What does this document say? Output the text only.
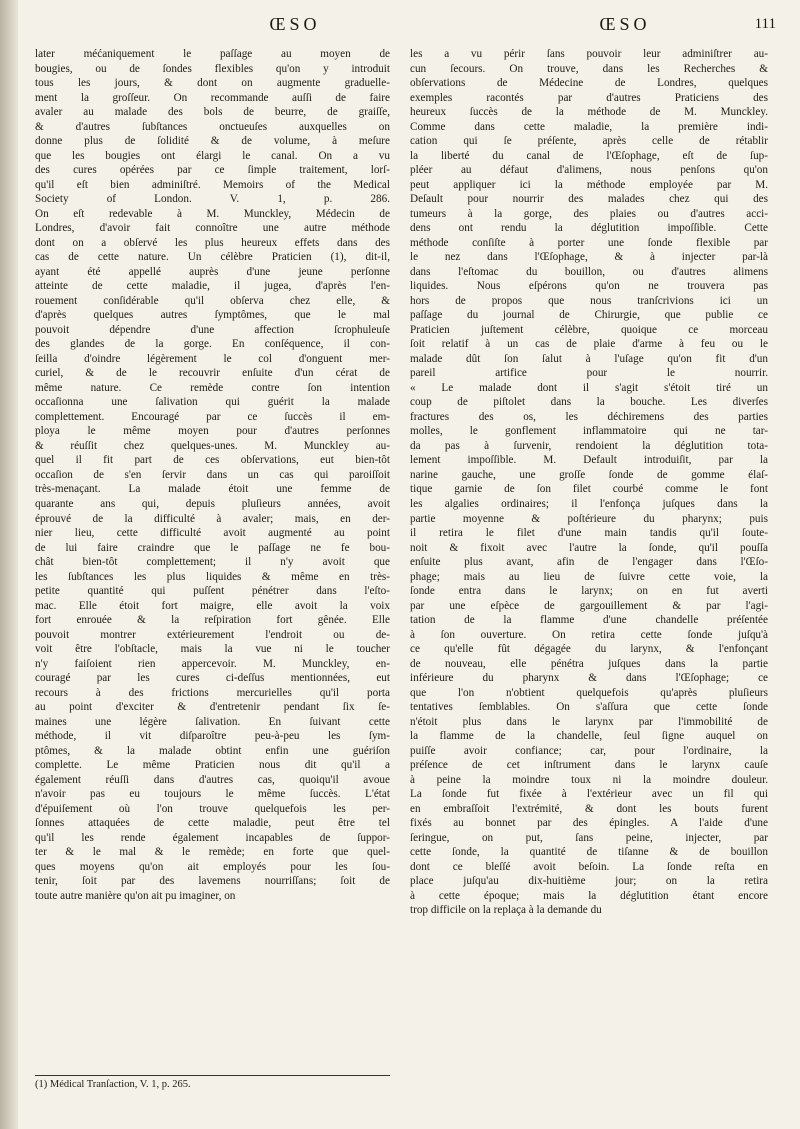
ŒSO	ŒSO	111
later méćaniquement le paſſage au moyen de
bougies, ou de ſondes flexibles qu'on y introduit
tous les jours, & dont on augmente graduelle-
ment la groſſeur. On recommande auſſi de faire
avaler au malade des bols de beurre, de graiſſe,
& d'autres ſubſtances onctueuſes auxquelles on
donne plus de ſolidité & de volume, à meſure
que les bougies ont élargi le canal. On a vu
des cures opérées par ce ſimple traitement, lorſ-
qu'il eſt bien adminiſtré. Memoirs of the Medical
Society of London. V. 1, p. 286.
On eſt redevable à M. Munckley, Médecin de
Londres, d'avoir fait connoître une autre méthode
dont on a obſervé les plus heureux effets dans des
cas de cette nature. Un célèbre Praticien (1), dit-il,
ayant été appellé auprès d'une jeune perſonne
atteinte de cette maladie, il jugea, d'après l'en-
rouement conſidérable qu'il obſerva chez elle, &
d'après quelques autres ſymptômes, que le mal
pouvoit dépendre d'une affection ſcrophuleuſe
des glandes de la gorge. En conſéquence, il con-
ſeilla d'oindre légèrement le col d'onguent mer-
curiel, & de le recouvrir enſuite d'un cérat de
même nature. Ce remède contre ſon intention
occaſionna une ſalivation qui guérit la malade
complettement. Encouragé par ce ſuccès il em-
ploya le même moyen pour d'autres perſonnes
& réuſſit chez quelques-unes. M. Munckley au-
quel il fit part de ces obſervations, eut bien-tôt
occaſion de s'en ſervir dans un cas qui paroiſſoit
très-menaçant. La malade étoit une femme de
quarante ans qui, depuis pluſieurs années, avoit
éprouvé de la difficulté à avaler; mais, en der-
nier lieu, cette difficulté avoit augmenté au point
de lui faire craindre que le paſſage ne fe bou-
chât bien-tôt complettement; il n'y avoit que
les ſubſtances les plus liquides & même en très-
petite quantité qui puſſent pénétrer dans l'eſto-
mac. Elle étoit fort maigre, elle avoit la voix
fort enrouée & la reſpiration fort gênée. Elle
pouvoit montrer extérieurement l'endroit ou de-
voit être l'obſtacle, mais la vue ni le toucher
n'y faiſoient rien appercevoir. M. Munckley, en-
couragé par les cures ci-deſſus mentionnées, eut
recours à des frictions mercurielles qu'il porta
au point d'exciter & d'entretenir pendant ſix ſe-
maines une légère ſalivation. En ſuivant cette
méthode, il vit diſparoître peu-à-peu les ſym-
ptômes, & la malade obtint enfin une guériſon
complette. Le même Praticien nous dit qu'il a
également réuſſi dans d'autres cas, quoiqu'il avoue
n'avoir pas eu toujours le même ſuccès. L'état
d'épuiſement où l'on trouve quelquefois les per-
ſonnes attaquées de cette maladie, peut être tel
qu'il les rende également incapables de ſuppor-
ter & le mal & le remède; en forte que quel-
ques moyens qu'on ait employés pour les ſou-
tenir, ſoit par des lavemens nourriſſans; ſoit de
toute autre manière qu'on ait pu imaginer, on
les a vu périr ſans pouvoir leur adminiſtrer au-
cun ſecours. On trouve, dans les Recherches &
obſervations de Médecine de Londres, quelques
exemples racontés par d'autres Praticiens des
heureux ſuccès de la méthode de M. Munckley.
Comme dans cette maladie, la première indi-
cation qui ſe préſente, après celle de rétablir
la liberté du canal de l'Œſophage, eſt de ſup-
pléer au défaut d'alimens, nous penſons qu'on
peut appliquer ici la méthode employée par M.
Deſault pour nourrir des malades chez qui des
tumeurs à la gorge, des plaies ou d'autres acci-
dens ont rendu la déglutition impoſſible. Cette
méthode conſiſte à porter une ſonde flexible par
le nez dans l'Œſophage, & à injecter par-là
dans l'eſtomac du bouillon, ou d'autres alimens
liquides. Nous eſpérons qu'on ne trouvera pas
hors de propos que nous tranſcrivions ici un
paſſage du journal de Chirurgie, que publie ce
Praticien juſtement célèbre, quoique ce morceau
ſoit relatif à un cas de plaie d'arme à feu ou le
malade dût ſon ſalut à l'uſage qu'on fit d'un
pareil artifice pour le nourrir.
« Le malade dont il s'agit s'étoit tiré un
coup de piſtolet dans la bouche. Les diverſes
fractures des os, les déchiremens des parties
molles, le gonflement inflammatoire qui ne tar-
da pas à ſurvenir, rendoient la déglutition tota-
lement impoſſible. M. Default introduiſit, par la
narine gauche, une groſſe ſonde de gomme élaſ-
tique garnie de ſon filet courbé comme le font
les algalies ordinaires; il l'enfonça juſques dans la
partie moyenne & poſtérieure du pharynx; puis
il retira le filet d'une main tandis qu'il ſoute-
noit & fixoit avec l'autre la ſonde, qu'il pouſſa
enſuite plus avant, afin de l'engager dans l'Œſo-
phage; mais au lieu de ſuivre cette voie, la
ſonde entra dans le larynx; on en fut averti
par une eſpèce de gargouillement & par l'agi-
tation de la flamme d'une chandelle préſentée
à ſon ouverture. On retira cette ſonde juſqu'à
ce qu'elle fût dégagée du larynx, & l'enfonçant
de nouveau, elle pénétra juſques dans la partie
inférieure du pharynx & dans l'Œſophage; ce
que l'on n'obtient quelquefois qu'après pluſieurs
tentatives ſemblables. On s'aſſura que cette ſonde
n'étoit plus dans le larynx par l'immobilité de
la flamme de la chandelle, ſeul ſigne auquel on
puiſſe avoir confiance; car, pour l'ordinaire, la
préſence de cet inſtrument dans le larynx cauſe
à peine la moindre toux ni la moindre douleur.
La ſonde fut fixée à l'extérieur avec un fil qui
en embraſſoit l'extrémité, & dont les bouts furent
fixés au bonnet par des épingles. A l'aide d'une
ſeringue, on put, ſans peine, injecter, par
cette ſonde, la quantité de tiſanne & de bouillon
dont ce bleſſé avoit beſoin. La ſonde reſta en
place juſqu'au dix-huitième jour; on la retira
à cette époque; mais la déglutition étant encore
trop difficile on la replaça à la demande du
(1) Médical Tranſaction, V. 1, p. 265.
